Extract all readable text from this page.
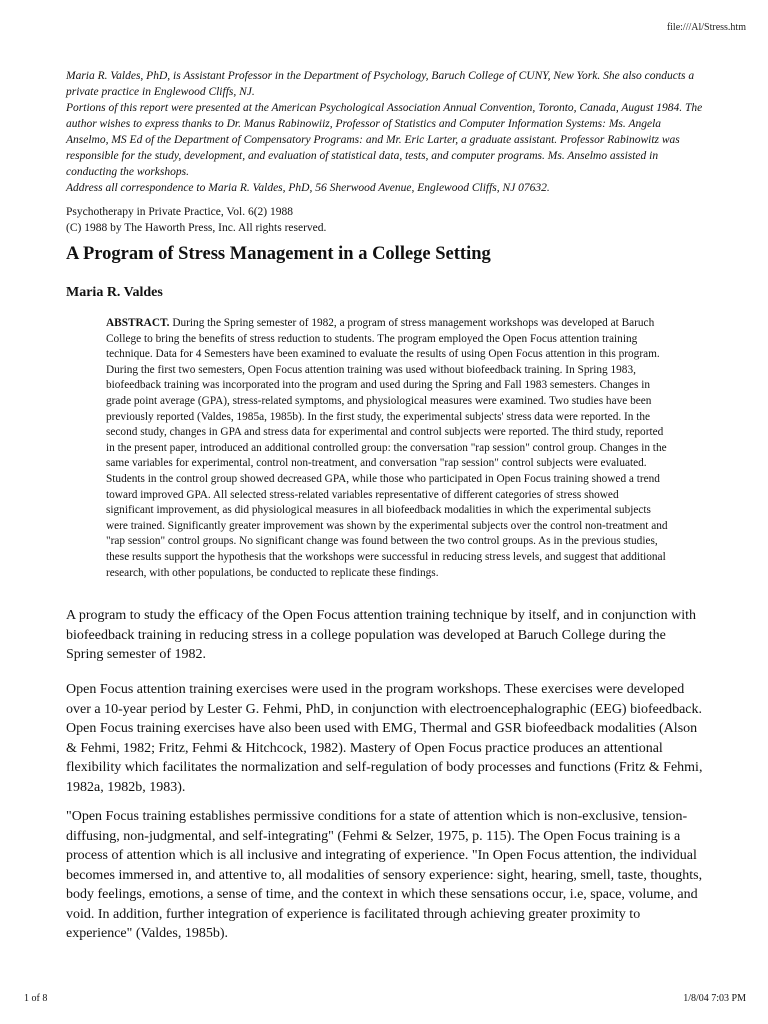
file:///Al/Stress.htm

Maria R. Valdes, PhD, is Assistant Professor in the Department of Psychology, Baruch College of CUNY, New York. She also conducts a private practice in Englewood Cliffs, NJ.

Portions of this report were presented at the American Psychological Association Annual Convention, Toronto, Canada, August 1984. The author wishes to express thanks to Dr. Manus Rabinowiiz, Professor of Statistics and Computer Information Systems: Ms. Angela Anselmo, MS Ed of the Department of Compensatory Programs: and Mr. Eric Larter, a graduate assistant. Professor Rabinowitz was responsible for the study, development, and evaluation of statistical data, tests, and computer programs. Ms. Anselmo assisted in conducting the workshops.

Address all correspondence to Maria R. Valdes, PhD, 56 Sherwood Avenue, Englewood Cliffs, NJ 07632.

Psychotherapy in Private Practice, Vol. 6(2) 1988

(C) 1988 by The Haworth Press, Inc. All rights reserved.

A Program of Stress Management in a College Setting
Maria R. Valdes

ABSTRACT. During the Spring semester of 1982, a program of stress management workshops was developed at Baruch College to bring the benefits of stress reduction to students. The program employed the Open Focus attention training technique. Data for 4 Semesters have been examined to evaluate the results of using Open Focus attention in this program. During the first two semesters, Open Focus attention training was used without biofeedback training. In Spring 1983, biofeedback training was incorporated into the program and used during the Spring and Fall 1983 semesters. Changes in grade point average (GPA), stress-related symptoms, and physiological measures were examined. Two studies have been previously reported (Valdes, 1985a, 1985b). In the first study, the experimental subjects' stress data were reported. In the second study, changes in GPA and stress data for experimental and control subjects were reported. The third study, reported in the present paper, introduced an additional controlled group: the conversation "rap session" control group. Changes in the same variables for experimental, control non-treatment, and conversation "rap session" control subjects were evaluated. Students in the control group showed decreased GPA, while those who participated in Open Focus training showed a trend toward improved GPA. All selected stress-related variables representative of different categories of stress showed significant improvement, as did physiological measures in all biofeedback modalities in which the experimental subjects were trained. Significantly greater improvement was shown by the experimental subjects over the control non-treatment and "rap session" control groups. No significant change was found between the two control groups. As in the previous studies, these results support the hypothesis that the workshops were successful in reducing stress levels, and suggest that additional research, with other populations, be conducted to replicate these findings.

A program to study the efficacy of the Open Focus attention training technique by itself, and in conjunction with biofeedback training in reducing stress in a college population was developed at Baruch College during the Spring semester of 1982.

Open Focus attention training exercises were used in the program workshops. These exercises were developed over a 10-year period by Lester G. Fehmi, PhD, in conjunction with electroencephalographic (EEG) biofeedback. Open Focus training exercises have also been used with EMG, Thermal and GSR biofeedback modalities (Alson & Fehmi, 1982; Fritz, Fehmi & Hitchcock, 1982). Mastery of Open Focus practice produces an attentional flexibility which facilitates the normalization and self-regulation of body processes and functions (Fritz & Fehmi, 1982a, 1982b, 1983).

"Open Focus training establishes permissive conditions for a state of attention which is non-exclusive, tension-diffusing, non-judgmental, and self-integrating" (Fehmi & Selzer, 1975, p. 115). The Open Focus training is a process of attention which is all inclusive and integrating of experience. "In Open Focus attention, the individual becomes immersed in, and attentive to, all modalities of sensory experience: sight, hearing, smell, taste, thoughts, body feelings, emotions, a sense of time, and the context in which these sensations occur, i.e, space, volume, and void. In addition, further integration of experience is facilitated through achieving greater proximity to experience" (Valdes, 1985b).

1 of 8	1/8/04 7:03 PM
